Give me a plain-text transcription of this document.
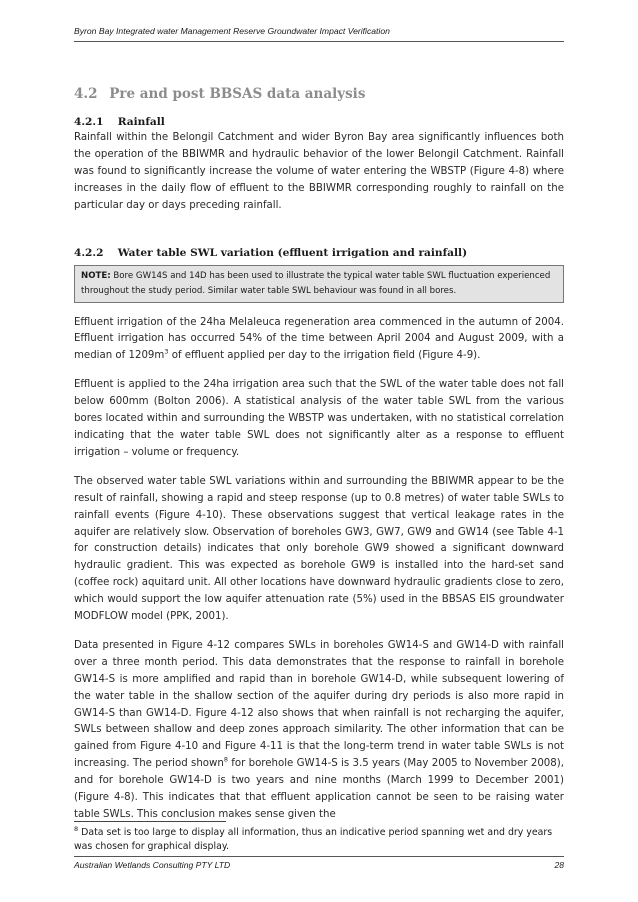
Byron Bay Integrated water Management Reserve Groundwater Impact Verification
4.2 Pre and post BBSAS data analysis
4.2.1 Rainfall

Rainfall within the Belongil Catchment and wider Byron Bay area significantly influences both the operation of the BBIWMR and hydraulic behavior of the lower Belongil Catchment. Rainfall was found to significantly increase the volume of water entering the WBSTP (Figure 4-8) where increases in the daily flow of effluent to the BBIWMR corresponding roughly to rainfall on the particular day or days preceding rainfall.

4.2.2 Water table SWL variation (effluent irrigation and rainfall)
NOTE: Bore GW14S and 14D has been used to illustrate the typical water table SWL fluctuation experienced throughout the study period. Similar water table SWL behaviour was found in all bores.

Effluent irrigation of the 24ha Melaleuca regeneration area commenced in the autumn of 2004. Effluent irrigation has occurred 54% of the time between April 2004 and August 2009, with a median of $1209m^3$ of effluent applied per day to the irrigation field (Figure 4-9).

Effluent is applied to the 24ha irrigation area such that the SWL of the water table does not fall below 600mm (Bolton 2006). A statistical analysis of the water table SWL from the various bores located within and surrounding the WBSTP was undertaken, with no statistical correlation indicating that the water table SWL does not significantly alter as a response to effluent irrigation – volume or frequency.

The observed water table SWL variations within and surrounding the BBIWMR appear to be the result of rainfall, showing a rapid and steep response (up to 0.8 metres) of water table SWLs to rainfall events (Figure 4-10). These observations suggest that vertical leakage rates in the aquifer are relatively slow. Observation of boreholes GW3, GW7, GW9 and GW14 (see Table 4-1 for construction details) indicates that only borehole GW9 showed a significant downward hydraulic gradient. This was expected as borehole GW9 is installed into the hard-set sand (coffee rock) aquitard unit. All other locations have downward hydraulic gradients close to zero, which would support the low aquifer attenuation rate (5%) used in the BBSAS EIS groundwater MODFLOW model (PPK, 2001).

Data presented in Figure 4-12 compares SWLs in boreholes GW14-S and GW14-D with rainfall over a three month period. This data demonstrates that the response to rainfall in borehole GW14-S is more amplified and rapid than in borehole GW14-D, while subsequent lowering of the water table in the shallow section of the aquifer during dry periods is also more rapid in GW14-S than GW14-D. Figure 4-12 also shows that when rainfall is not recharging the aquifer, SWLs between shallow and deep zones approach similarity. The other information that can be gained from Figure 4-10 and Figure 4-11 is that the long-term trend in water table SWLs is not increasing. The period shown$^8$ for borehole GW14-S is 3.5 years (May 2005 to November 2008), and for borehole GW14-D is two years and nine months (March 1999 to December 2001) (Figure 4-8). This indicates that that effluent application cannot be seen to be raising water table SWLs. This conclusion makes sense given the

$^8$ Data set is too large to display all information, thus an indicative period spanning wet and dry years was chosen for graphical display.
Australian Wetlands Consulting PTY LTD	28
